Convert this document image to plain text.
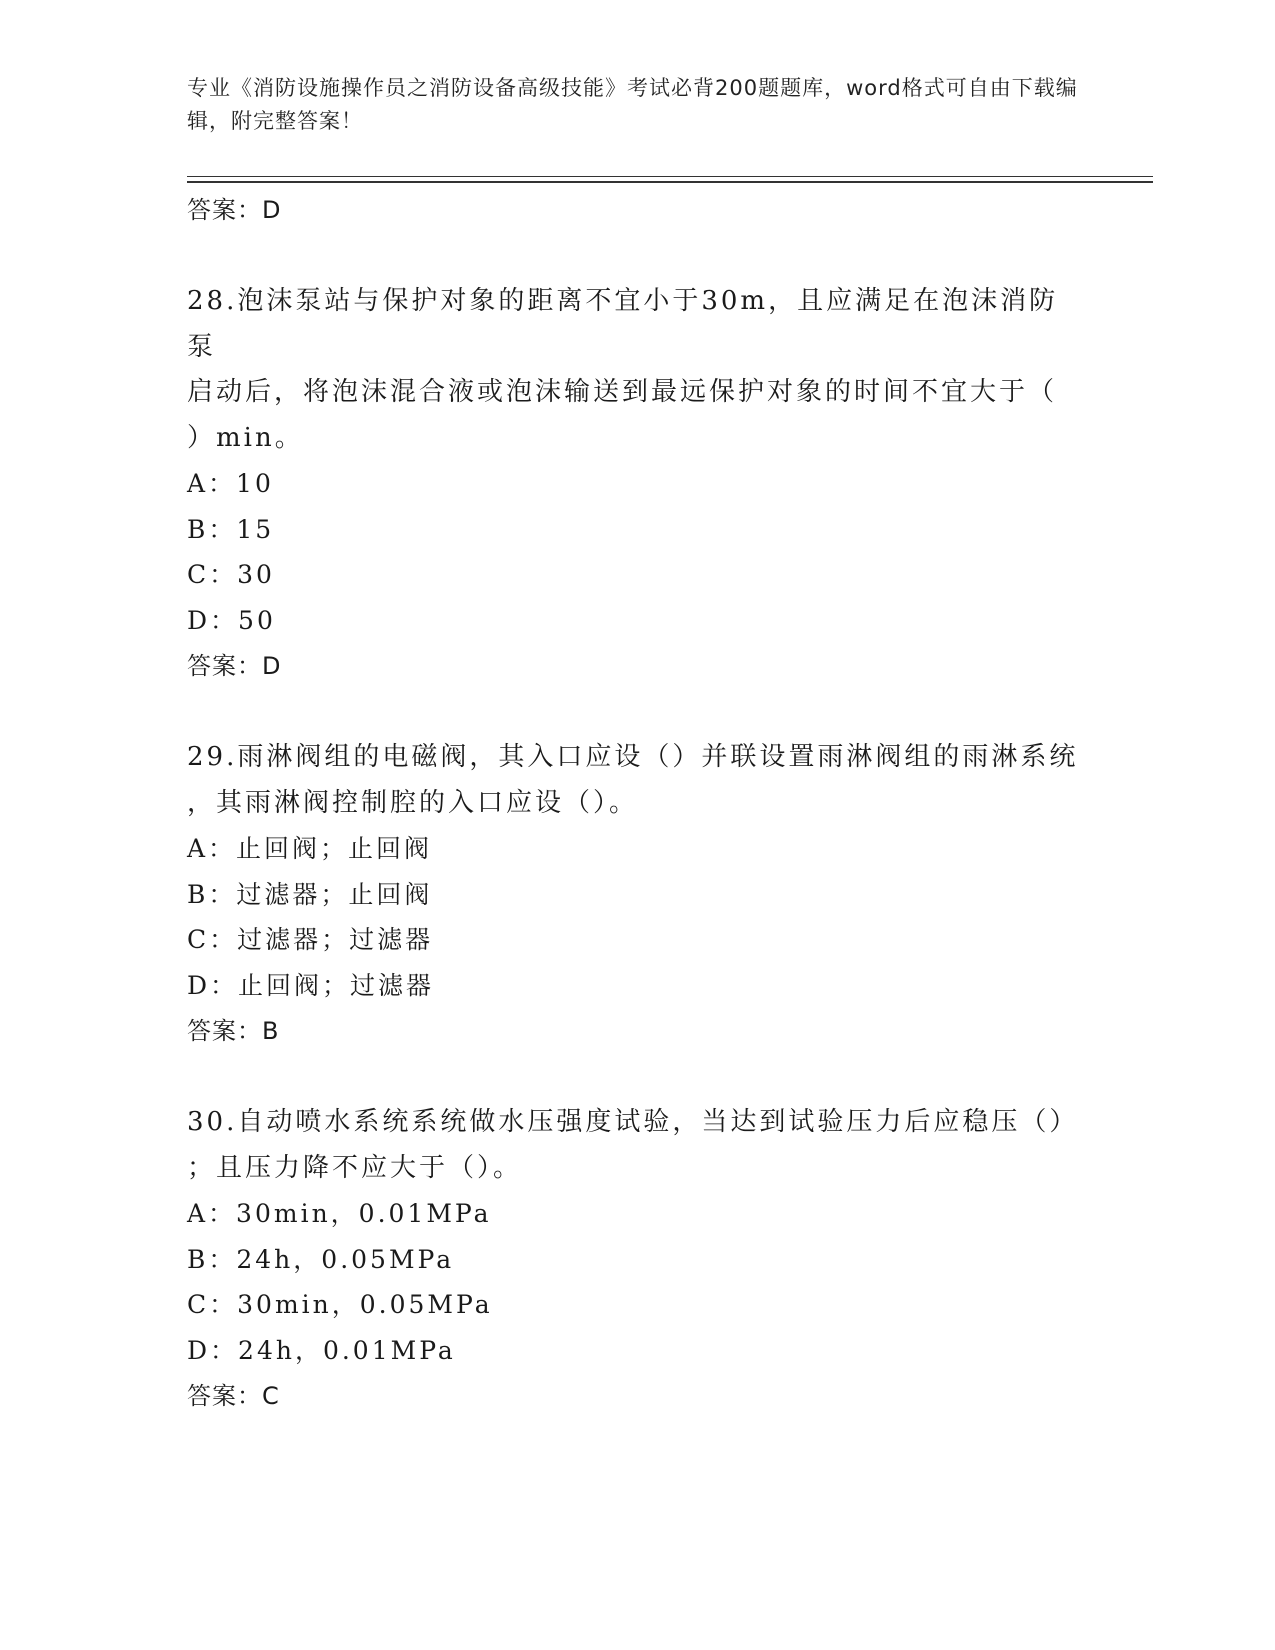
专业《消防设施操作员之消防设备高级技能》考试必背200题题库，word格式可自由下载编辑，附完整答案！
答案：D
28.泡沫泵站与保护对象的距离不宜小于30m，且应满足在泡沫消防泵
启动后，将泡沫混合液或泡沫输送到最远保护对象的时间不宜大于（
）min。
A：10
B：15
C：30
D：50
答案：D
29.雨淋阀组的电磁阀，其入口应设（）并联设置雨淋阀组的雨淋系统
，其雨淋阀控制腔的入口应设（）。
A：止回阀；止回阀
B：过滤器；止回阀
C：过滤器；过滤器
D：止回阀；过滤器
答案：B
30.自动喷水系统系统做水压强度试验，当达到试验压力后应稳压（）
；且压力降不应大于（）。
A：30min，0.01MPa
B：24h，0.05MPa
C：30min，0.05MPa
D：24h，0.01MPa
答案：C
